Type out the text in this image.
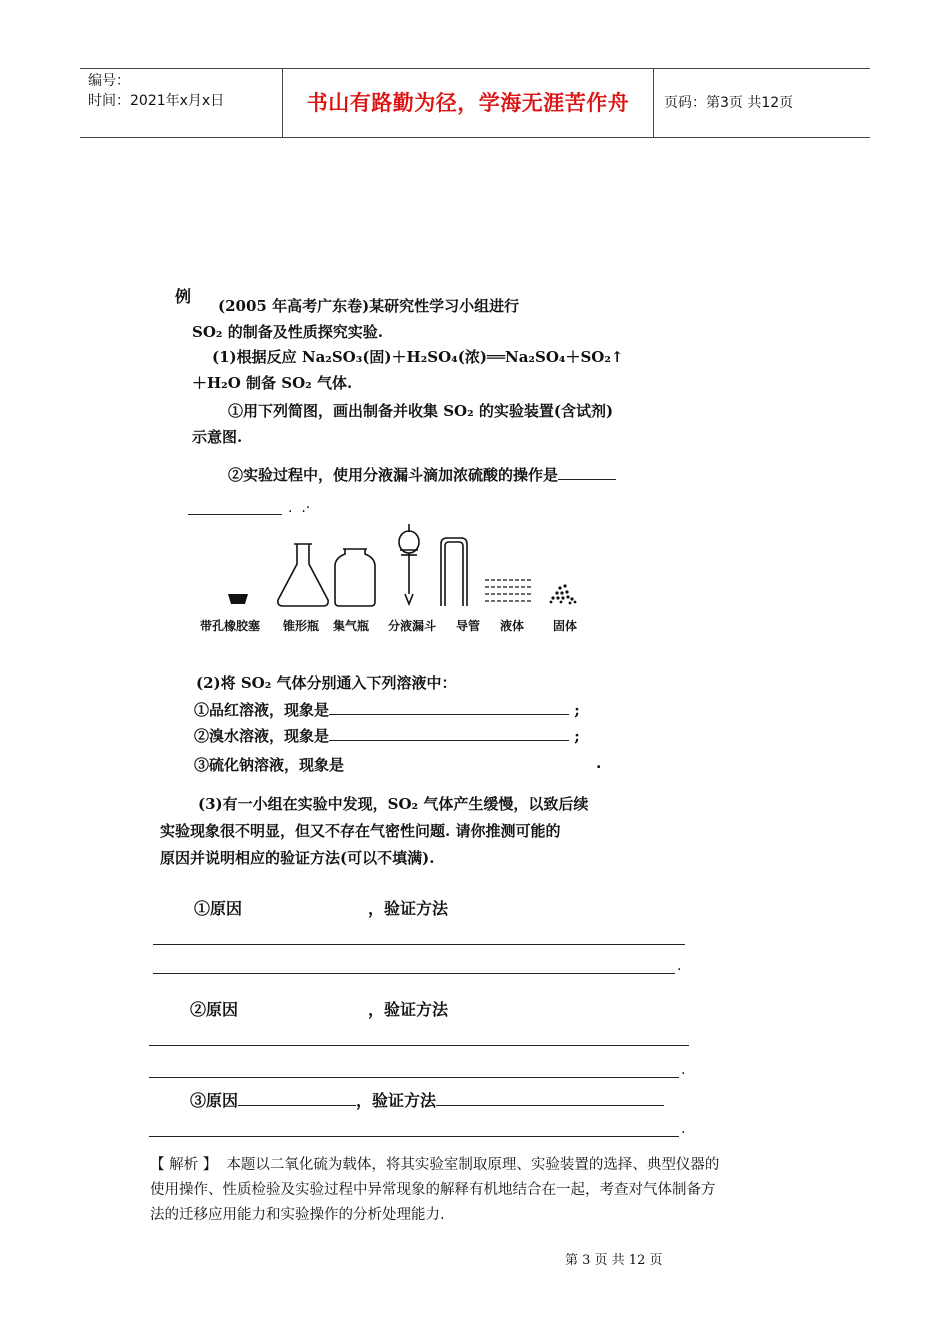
编号：
时间：2021年x月x日	书山有路勤为径，学海无涯苦作舟	页码：第3页 共12页
例 (2005 年高考广东卷)某研究性学习小组进行
SO₂ 的制备及性质探究实验.
(1)根据反应 Na₂SO₃(固)＋H₂SO₄(浓)══Na₂SO₄＋SO₂↑
＋H₂O 制备 SO₂ 气体.
①用下列简图，画出制备并收集 SO₂ 的实验装置(含试剂)
示意图.
②实验过程中，使用分液漏斗滴加浓硫酸的操作是
.  .·
带孔橡胶塞 锥形瓶 集气瓶 分液漏斗 导管 液体 固体
(2)将 SO₂ 气体分别通入下列溶液中：
①品红溶液，现象是	;
②溴水溶液，现象是	;
③硫化钠溶液，现象是	.
(3)有一小组在实验中发现，SO₂ 气体产生缓慢，以致后续
实验现象很不明显，但又不存在气密性问题. 请你推测可能的
原因并说明相应的验证方法(可以不填满).
①原因	，验证方法
.
②原因	，验证方法
.
③原因	，验证方法
.
【 解析 】 本题以二氧化硫为载体，将其实验室制取原理、实验装置的选择、典型仪器的
使用操作、性质检验及实验过程中异常现象的解释有机地结合在一起，考查对气体制备方
法的迁移应用能力和实验操作的分析处理能力.
第 3 页 共 12 页
